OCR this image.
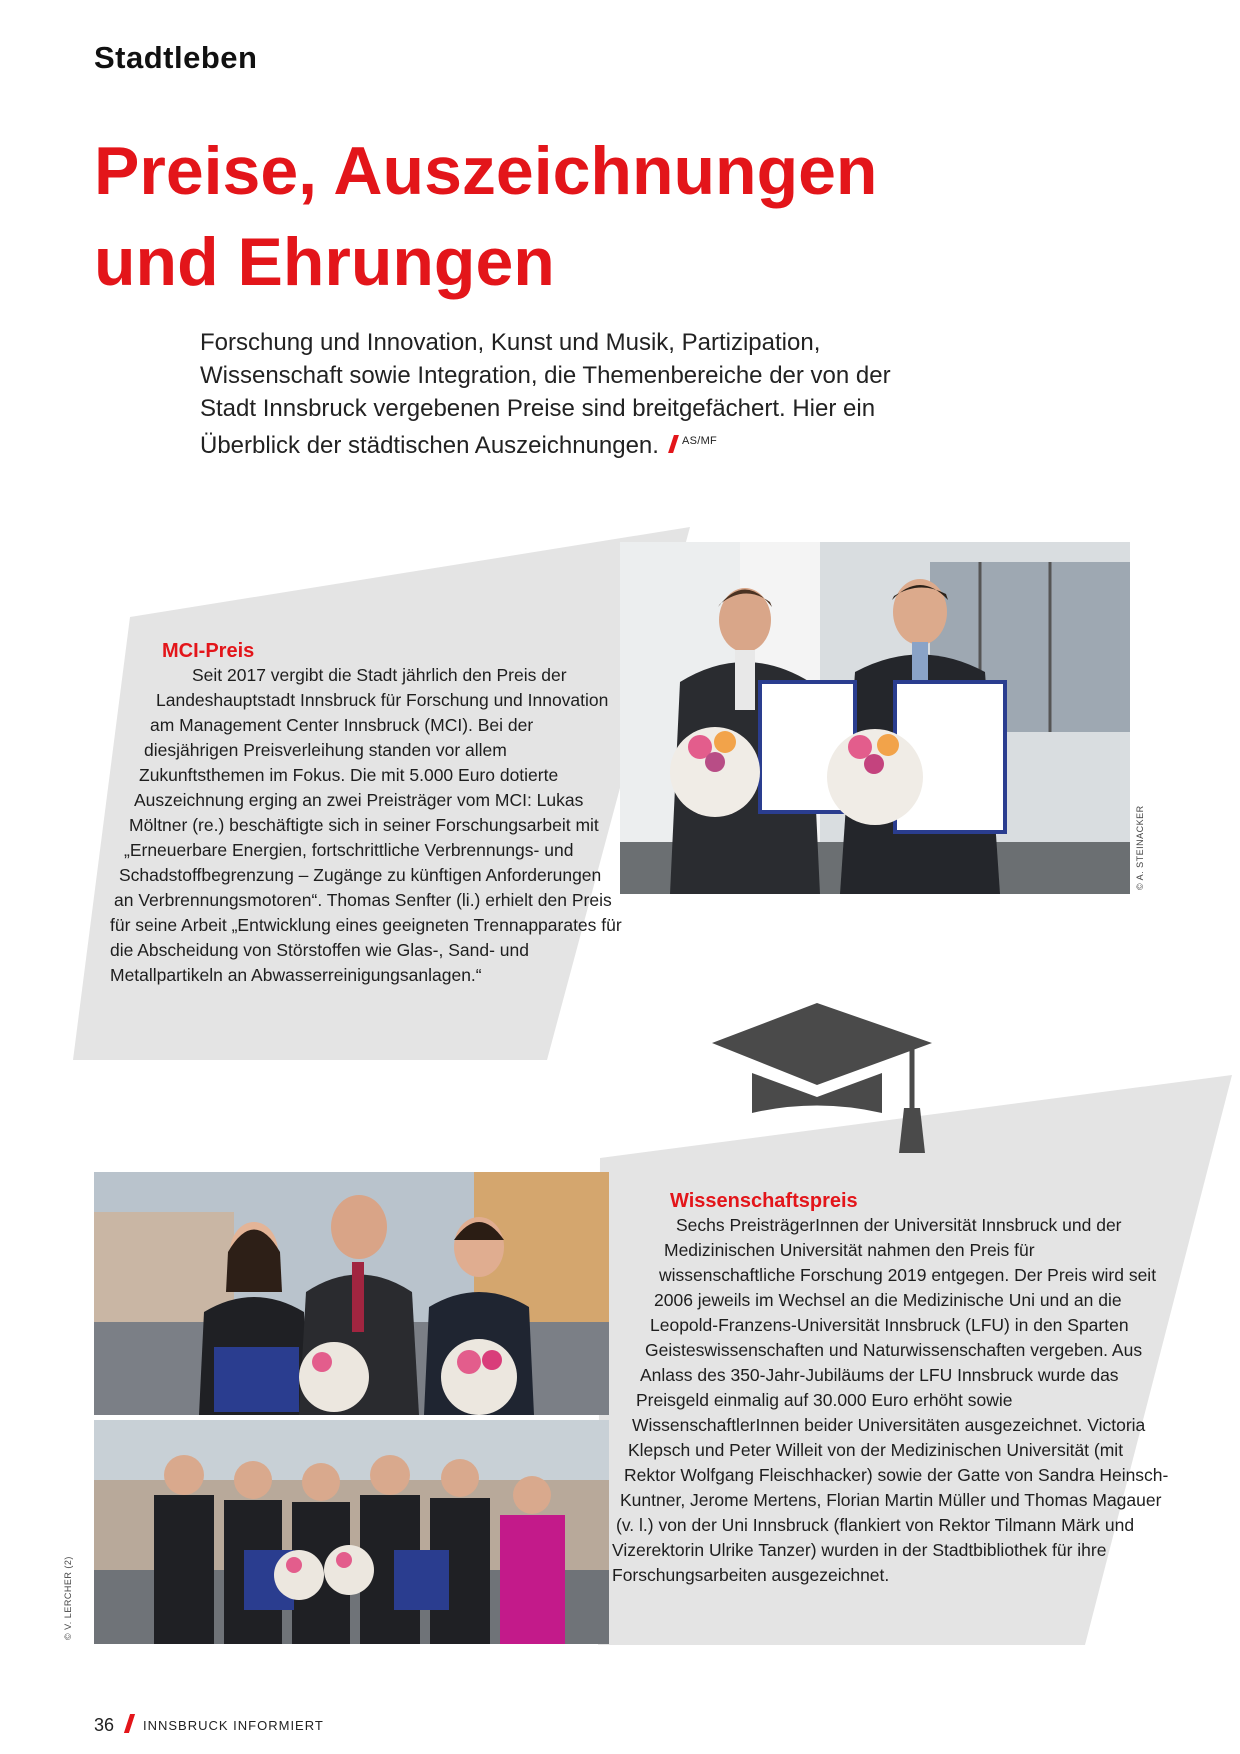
Stadtleben
Preise, Auszeichnungen
und Ehrungen

Forschung und Innovation, Kunst und Musik, Partizipation, Wissenschaft sowie Integration, die Themenbereiche der von der Stadt Innsbruck vergebenen Preise sind breitgefächert. Hier ein Überblick der städtischen Auszeichnungen. $^{AS/MF}$

© A. STEINACKER
MCI-Preis

Seit 2017 vergibt die Stadt jährlich den Preis der Landeshauptstadt Innsbruck für Forschung und Innovation am Management Center Innsbruck (MCI). Bei der diesjährigen Preisverleihung standen vor allem Zukunftsthemen im Fokus. Die mit 5.000 Euro dotierte Auszeichnung erging an zwei Preisträger vom MCI: Lukas Möltner (re.) beschäftigte sich in seiner Forschungsarbeit mit „Erneuerbare Energien, fortschrittliche Verbrennungs- und Schadstoffbegrenzung – Zugänge zu künftigen Anforderungen an Verbrennungsmotoren“. Thomas Senfter (li.) erhielt den Preis für seine Arbeit „Entwicklung eines geeigneten Trennapparates für die Abscheidung von Störstoffen wie Glas-, Sand- und Metallpartikeln an Abwasserreinigungsanlagen.“

© V. LERCHER (2)
Wissenschaftspreis

Sechs PreisträgerInnen der Universität Innsbruck und der Medizinischen Universität nahmen den Preis für wissenschaftliche Forschung 2019 entgegen. Der Preis wird seit 2006 jeweils im Wechsel an die Medizinische Uni und an die Leopold-Franzens-Universität Innsbruck (LFU) in den Sparten Geisteswissenschaften und Naturwissenschaften vergeben. Aus Anlass des 350-Jahr-Jubiläums der LFU Innsbruck wurde das Preisgeld einmalig auf 30.000 Euro erhöht sowie WissenschaftlerInnen beider Universitäten ausgezeichnet. Victoria Klepsch und Peter Willeit von der Medizinischen Universität (mit Rektor Wolfgang Fleischhacker) sowie der Gatte von Sandra Heinsch-Kuntner, Jerome Mertens, Florian Martin Müller und Thomas Magauer (v. l.) von der Uni Innsbruck (flankiert von Rektor Tilmann Märk und Vizerektorin Ulrike Tanzer) wurden in der Stadtbibliothek für ihre Forschungsarbeiten ausgezeichnet.

36 INNSBRUCK INFORMIERT
